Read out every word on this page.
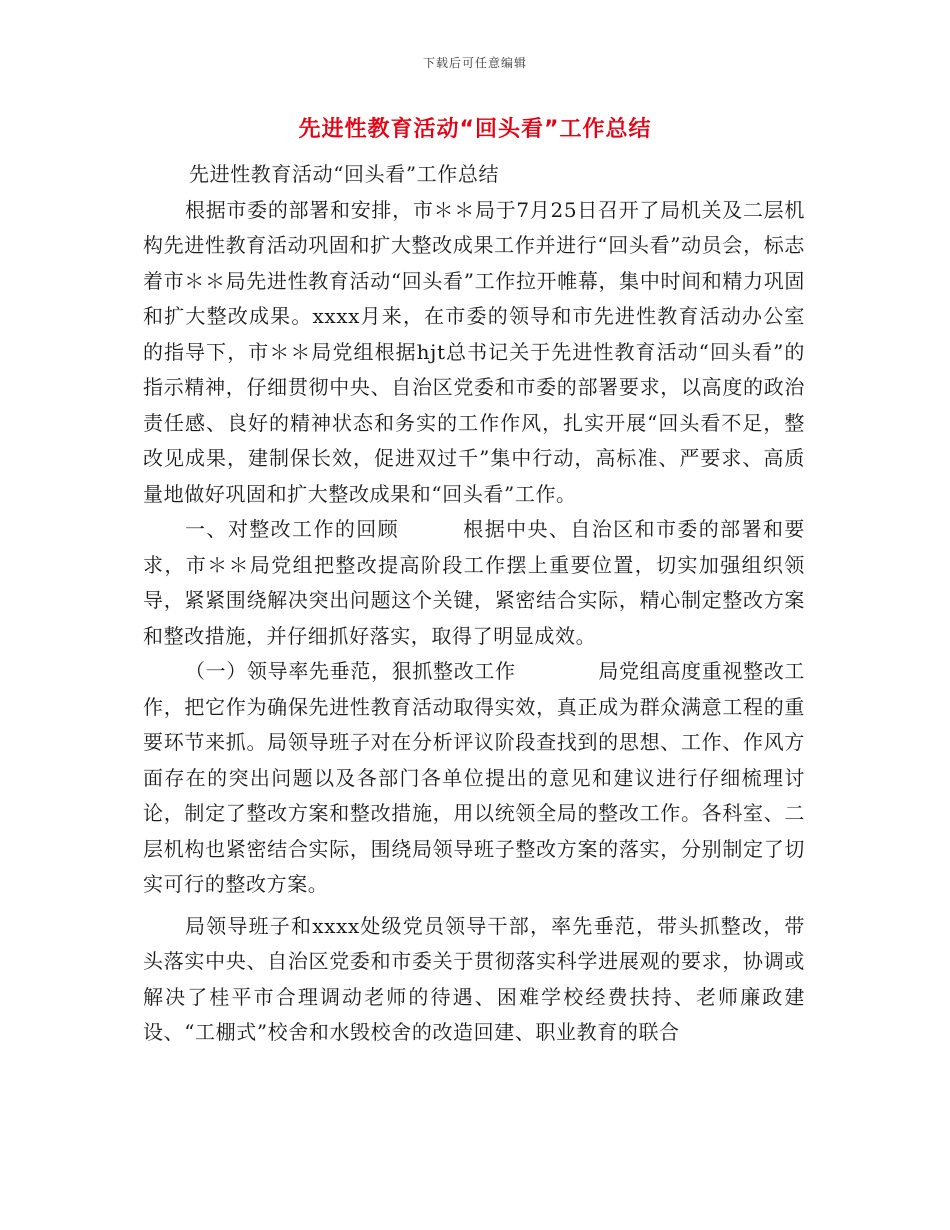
下载后可任意编辑
先进性教育活动“回头看”工作总结

先进性教育活动“回头看”工作总结

根据市委的部署和安排，市＊＊局于7月25日召开了局机关及二层机构先进性教育活动巩固和扩大整改成果工作并进行“回头看”动员会，标志着市＊＊局先进性教育活动“回头看”工作拉开帷幕，集中时间和精力巩固和扩大整改成果。xxxx月来，在市委的领导和市先进性教育活动办公室的指导下，市＊＊局党组根据hjt总书记关于先进性教育活动“回头看”的指示精神，仔细贯彻中央、自治区党委和市委的部署要求，以高度的政治责任感、良好的精神状态和务实的工作作风，扎实开展“回头看不足，整改见成果，建制保长效，促进双过千”集中行动，高标准、严要求、高质量地做好巩固和扩大整改成果和“回头看”工作。

一、对整改工作的回顾　　　根据中央、自治区和市委的部署和要求，市＊＊局党组把整改提高阶段工作摆上重要位置，切实加强组织领导，紧紧围绕解决突出问题这个关键，紧密结合实际，精心制定整改方案和整改措施，并仔细抓好落实，取得了明显成效。

（一）领导率先垂范，狠抓整改工作　　　　局党组高度重视整改工作，把它作为确保先进性教育活动取得实效，真正成为群众满意工程的重要环节来抓。局领导班子对在分析评议阶段查找到的思想、工作、作风方面存在的突出问题以及各部门各单位提出的意见和建议进行仔细梳理讨论，制定了整改方案和整改措施，用以统领全局的整改工作。各科室、二层机构也紧密结合实际，围绕局领导班子整改方案的落实，分别制定了切实可行的整改方案。

局领导班子和xxxx处级党员领导干部，率先垂范，带头抓整改，带头落实中央、自治区党委和市委关于贯彻落实科学进展观的要求，协调或解决了桂平市合理调动老师的待遇、困难学校经费扶持、老师廉政建设、“工棚式”校舍和水毁校舍的改造回建、职业教育的联合
